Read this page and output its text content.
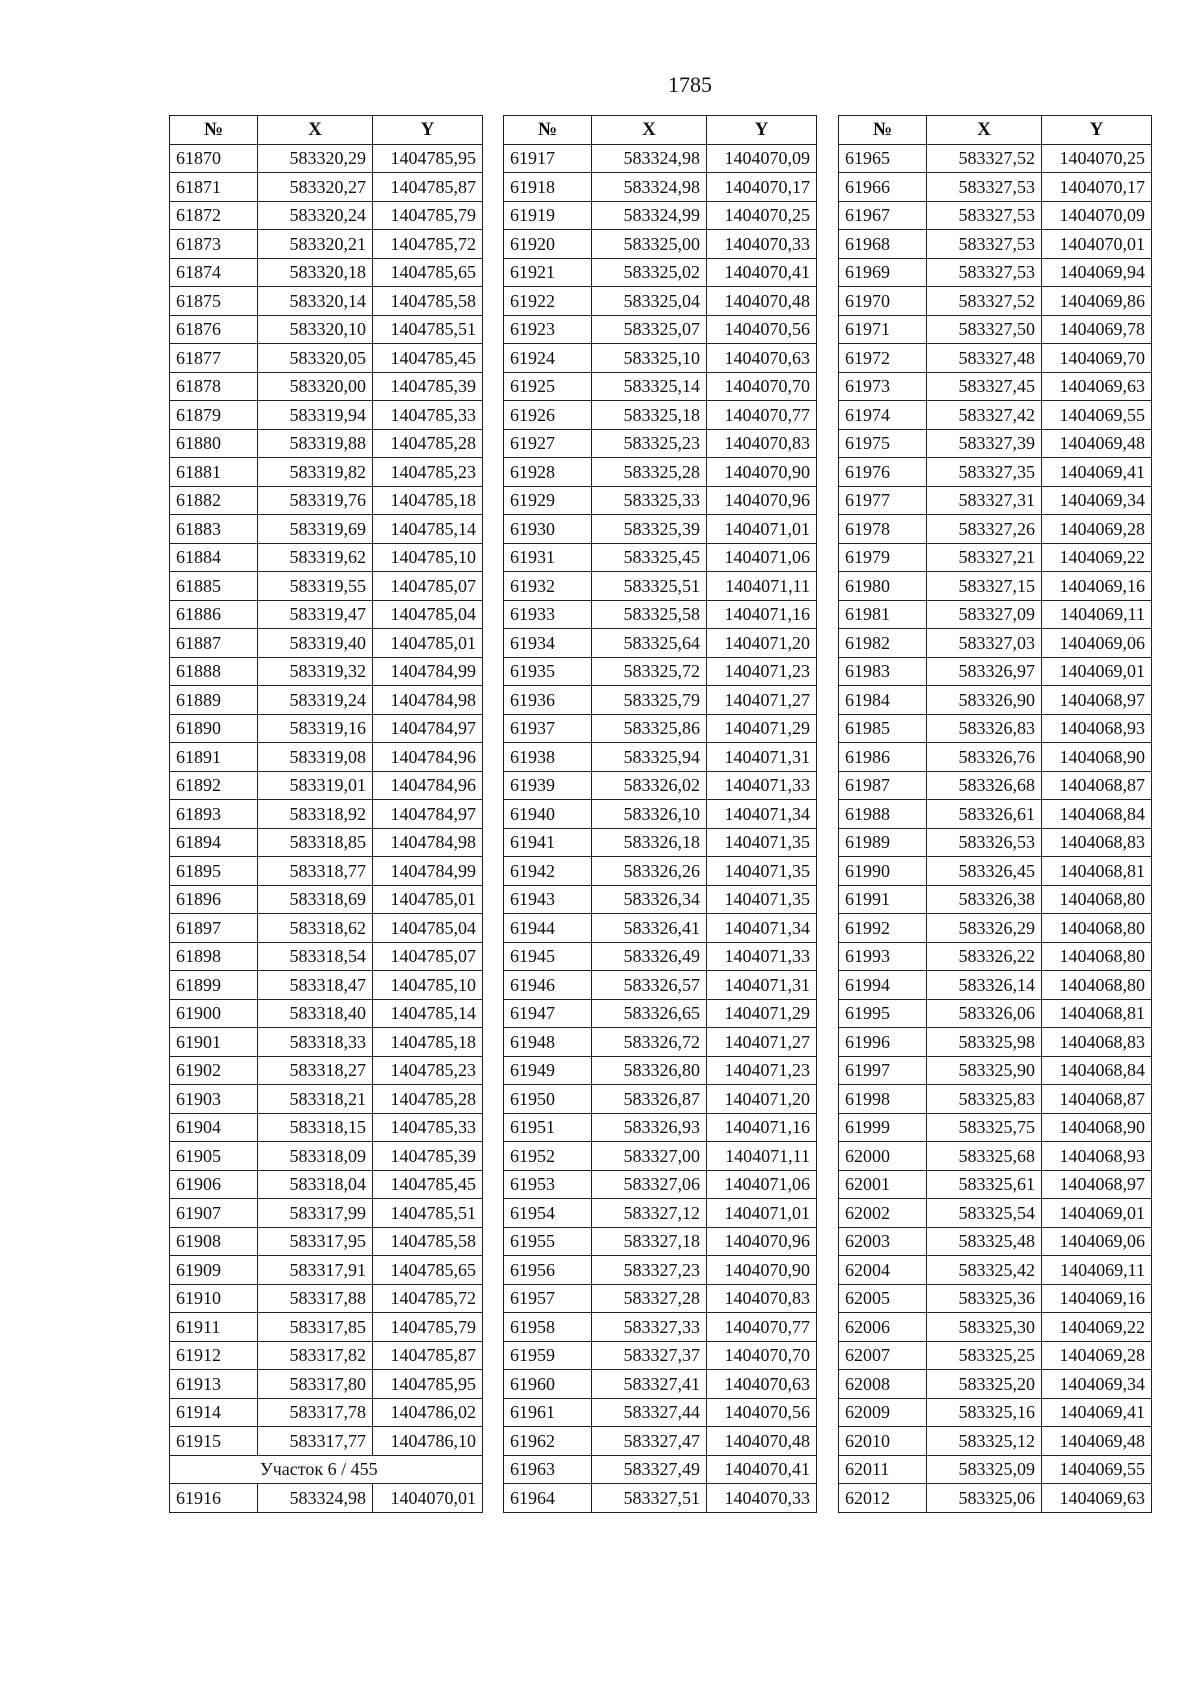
1785
№	X	Y
61870	583320,29	1404785,95
61871	583320,27	1404785,87
61872	583320,24	1404785,79
61873	583320,21	1404785,72
61874	583320,18	1404785,65
61875	583320,14	1404785,58
61876	583320,10	1404785,51
61877	583320,05	1404785,45
61878	583320,00	1404785,39
61879	583319,94	1404785,33
61880	583319,88	1404785,28
61881	583319,82	1404785,23
61882	583319,76	1404785,18
61883	583319,69	1404785,14
61884	583319,62	1404785,10
61885	583319,55	1404785,07
61886	583319,47	1404785,04
61887	583319,40	1404785,01
61888	583319,32	1404784,99
61889	583319,24	1404784,98
61890	583319,16	1404784,97
61891	583319,08	1404784,96
61892	583319,01	1404784,96
61893	583318,92	1404784,97
61894	583318,85	1404784,98
61895	583318,77	1404784,99
61896	583318,69	1404785,01
61897	583318,62	1404785,04
61898	583318,54	1404785,07
61899	583318,47	1404785,10
61900	583318,40	1404785,14
61901	583318,33	1404785,18
61902	583318,27	1404785,23
61903	583318,21	1404785,28
61904	583318,15	1404785,33
61905	583318,09	1404785,39
61906	583318,04	1404785,45
61907	583317,99	1404785,51
61908	583317,95	1404785,58
61909	583317,91	1404785,65
61910	583317,88	1404785,72
61911	583317,85	1404785,79
61912	583317,82	1404785,87
61913	583317,80	1404785,95
61914	583317,78	1404786,02
61915	583317,77	1404786,10
Участок 6 / 455		
61916	583324,98	1404070,01
№	X	Y
61917	583324,98	1404070,09
61918	583324,98	1404070,17
61919	583324,99	1404070,25
61920	583325,00	1404070,33
61921	583325,02	1404070,41
61922	583325,04	1404070,48
61923	583325,07	1404070,56
61924	583325,10	1404070,63
61925	583325,14	1404070,70
61926	583325,18	1404070,77
61927	583325,23	1404070,83
61928	583325,28	1404070,90
61929	583325,33	1404070,96
61930	583325,39	1404071,01
61931	583325,45	1404071,06
61932	583325,51	1404071,11
61933	583325,58	1404071,16
61934	583325,64	1404071,20
61935	583325,72	1404071,23
61936	583325,79	1404071,27
61937	583325,86	1404071,29
61938	583325,94	1404071,31
61939	583326,02	1404071,33
61940	583326,10	1404071,34
61941	583326,18	1404071,35
61942	583326,26	1404071,35
61943	583326,34	1404071,35
61944	583326,41	1404071,34
61945	583326,49	1404071,33
61946	583326,57	1404071,31
61947	583326,65	1404071,29
61948	583326,72	1404071,27
61949	583326,80	1404071,23
61950	583326,87	1404071,20
61951	583326,93	1404071,16
61952	583327,00	1404071,11
61953	583327,06	1404071,06
61954	583327,12	1404071,01
61955	583327,18	1404070,96
61956	583327,23	1404070,90
61957	583327,28	1404070,83
61958	583327,33	1404070,77
61959	583327,37	1404070,70
61960	583327,41	1404070,63
61961	583327,44	1404070,56
61962	583327,47	1404070,48
61963	583327,49	1404070,41
61964	583327,51	1404070,33
№	X	Y
61965	583327,52	1404070,25
61966	583327,53	1404070,17
61967	583327,53	1404070,09
61968	583327,53	1404070,01
61969	583327,53	1404069,94
61970	583327,52	1404069,86
61971	583327,50	1404069,78
61972	583327,48	1404069,70
61973	583327,45	1404069,63
61974	583327,42	1404069,55
61975	583327,39	1404069,48
61976	583327,35	1404069,41
61977	583327,31	1404069,34
61978	583327,26	1404069,28
61979	583327,21	1404069,22
61980	583327,15	1404069,16
61981	583327,09	1404069,11
61982	583327,03	1404069,06
61983	583326,97	1404069,01
61984	583326,90	1404068,97
61985	583326,83	1404068,93
61986	583326,76	1404068,90
61987	583326,68	1404068,87
61988	583326,61	1404068,84
61989	583326,53	1404068,83
61990	583326,45	1404068,81
61991	583326,38	1404068,80
61992	583326,29	1404068,80
61993	583326,22	1404068,80
61994	583326,14	1404068,80
61995	583326,06	1404068,81
61996	583325,98	1404068,83
61997	583325,90	1404068,84
61998	583325,83	1404068,87
61999	583325,75	1404068,90
62000	583325,68	1404068,93
62001	583325,61	1404068,97
62002	583325,54	1404069,01
62003	583325,48	1404069,06
62004	583325,42	1404069,11
62005	583325,36	1404069,16
62006	583325,30	1404069,22
62007	583325,25	1404069,28
62008	583325,20	1404069,34
62009	583325,16	1404069,41
62010	583325,12	1404069,48
62011	583325,09	1404069,55
62012	583325,06	1404069,63
